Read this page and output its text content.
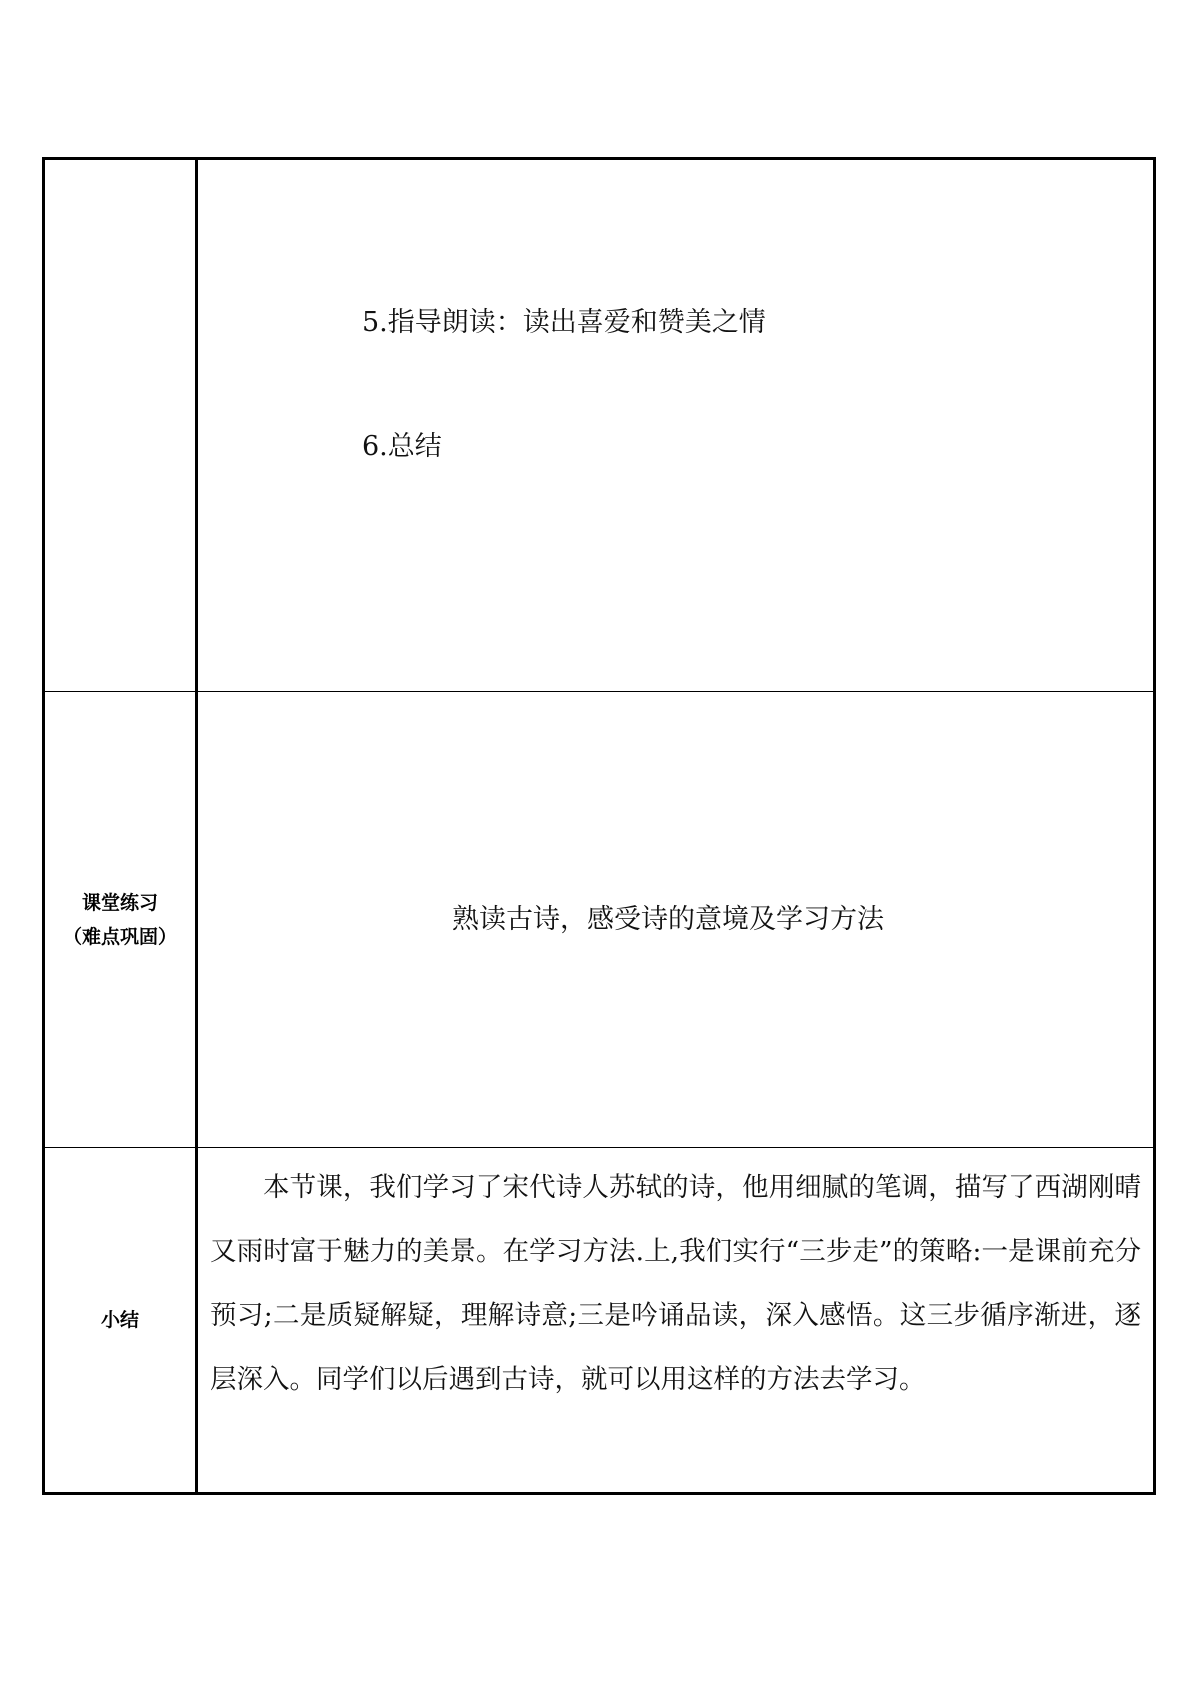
	5.指导朗读：读出喜爱和赞美之情
6.总结

课堂练习
（难点巩固）	熟读古诗，感受诗的意境及学习方法

小结	本节课，我们学习了宋代诗人苏轼的诗，他用细腻的笔调，描写了西湖刚晴又雨时富于魅力的美景。在学习方法.上,我们实行“三步走”的策略:一是课前充分预习;二是质疑解疑，理解诗意;三是吟诵品读，深入感悟。这三步循序渐进，逐层深入。同学们以后遇到古诗，就可以用这样的方法去学习。
